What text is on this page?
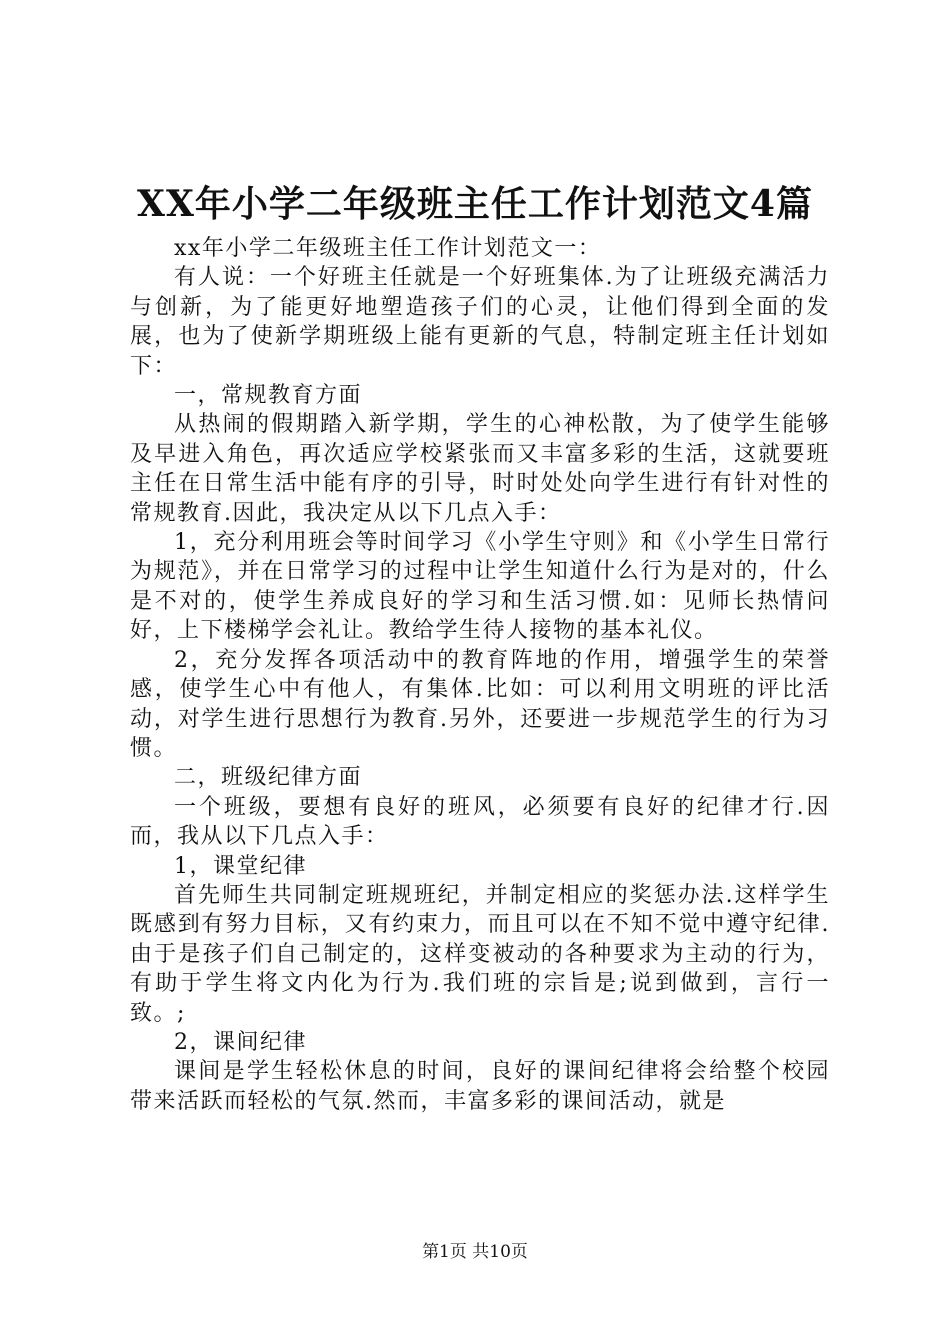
XX年小学二年级班主任工作计划范文4篇

xx年小学二年级班主任工作计划范文一：

有人说：一个好班主任就是一个好班集体.为了让班级充满活力与创新，为了能更好地塑造孩子们的心灵，让他们得到全面的发展，也为了使新学期班级上能有更新的气息，特制定班主任计划如下：

一，常规教育方面

从热闹的假期踏入新学期，学生的心神松散，为了使学生能够及早进入角色，再次适应学校紧张而又丰富多彩的生活，这就要班主任在日常生活中能有序的引导，时时处处向学生进行有针对性的常规教育.因此，我决定从以下几点入手：

1，充分利用班会等时间学习《小学生守则》和《小学生日常行为规范》，并在日常学习的过程中让学生知道什么行为是对的，什么是不对的，使学生养成良好的学习和生活习惯.如：见师长热情问好，上下楼梯学会礼让。教给学生待人接物的基本礼仪。

2，充分发挥各项活动中的教育阵地的作用，增强学生的荣誉感，使学生心中有他人，有集体.比如：可以利用文明班的评比活动，对学生进行思想行为教育.另外，还要进一步规范学生的行为习惯。

二，班级纪律方面

一个班级，要想有良好的班风，必须要有良好的纪律才行.因而，我从以下几点入手：

1，课堂纪律

首先师生共同制定班规班纪，并制定相应的奖惩办法.这样学生既感到有努力目标，又有约束力，而且可以在不知不觉中遵守纪律.由于是孩子们自己制定的，这样变被动的各种要求为主动的行为，有助于学生将文内化为行为.我们班的宗旨是;说到做到，言行一致。;

2，课间纪律

课间是学生轻松休息的时间，良好的课间纪律将会给整个校园带来活跃而轻松的气氛.然而，丰富多彩的课间活动，就是

第1页 共10页
